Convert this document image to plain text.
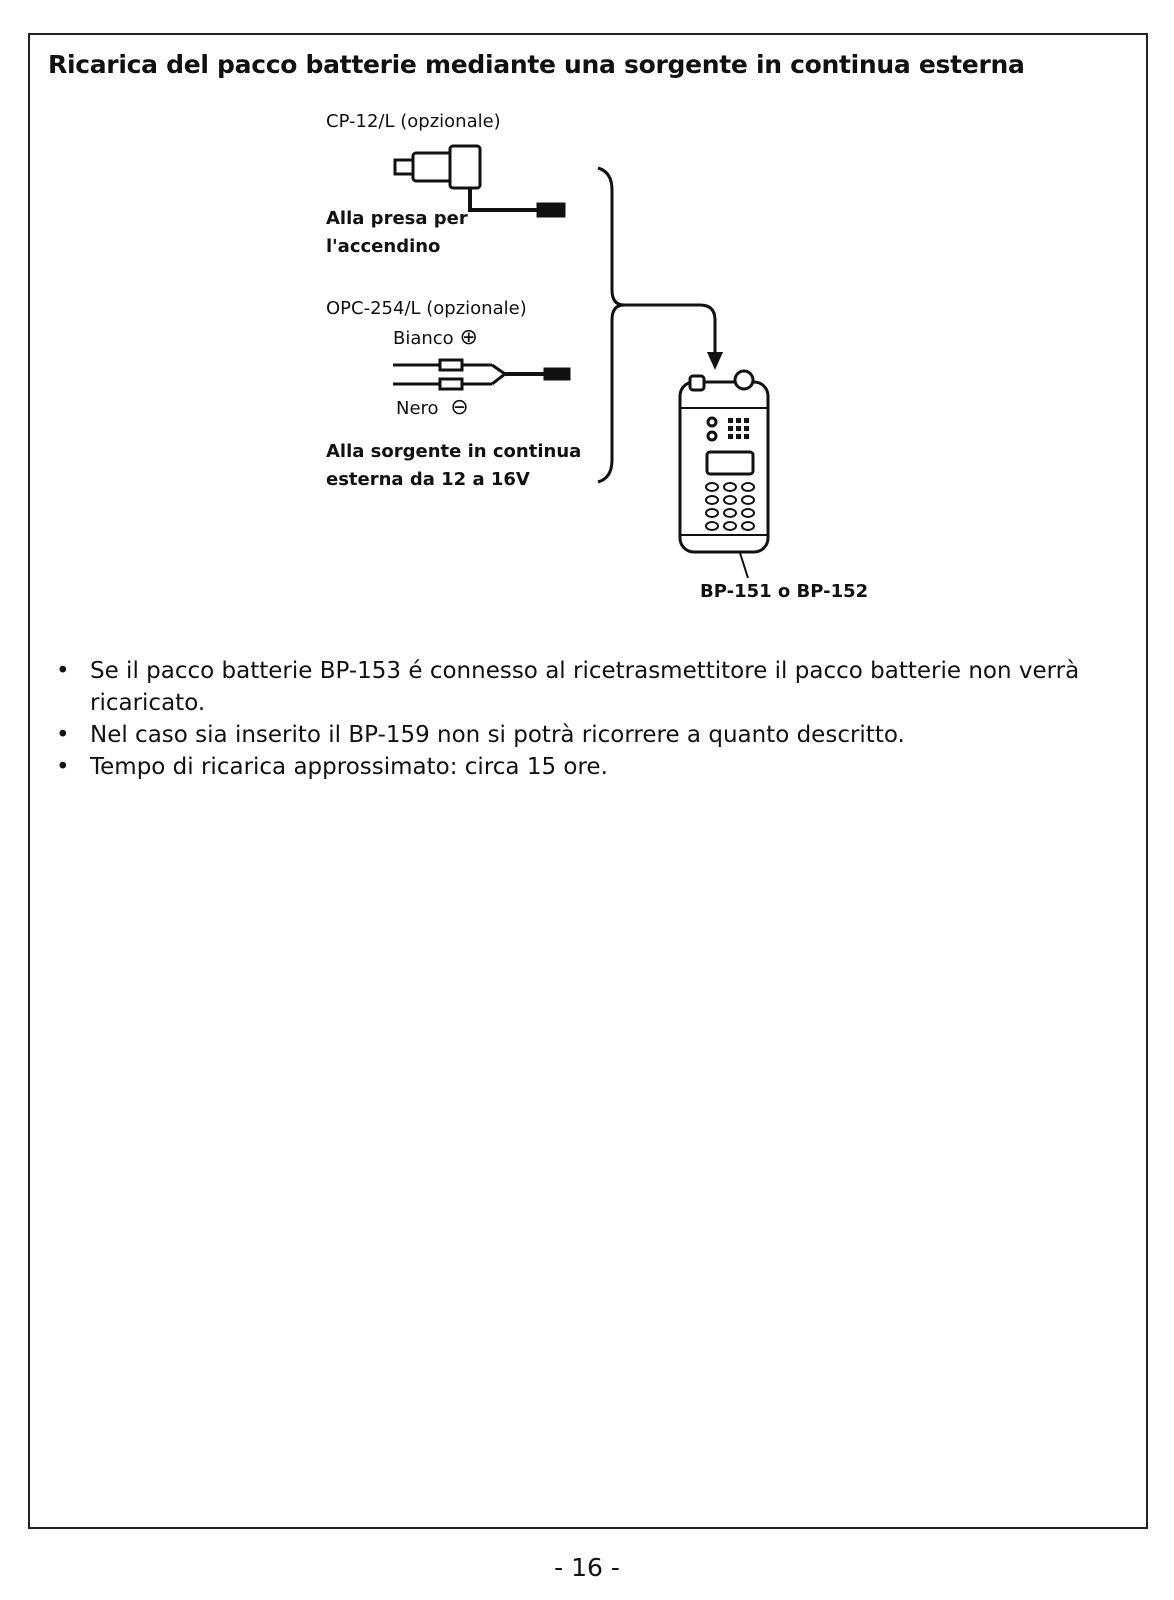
Ricarica del pacco batterie mediante una sorgente in continua esterna
CP-12/L (opzionale)
Alla presa per
l'accendino
OPC-254/L (opzionale)
Bianco ⊕
Nero ⊖
Alla sorgente in continua
esterna da 12 a 16V
BP-151 o BP-152
• Se il pacco batterie BP-153 é connesso al ricetrasmettitore il pacco batterie non verrà ricaricato.
• Nel caso sia inserito il BP-159 non si potrà ricorrere a quanto descritto.
• Tempo di ricarica approssimato: circa 15 ore.
- 16 -
